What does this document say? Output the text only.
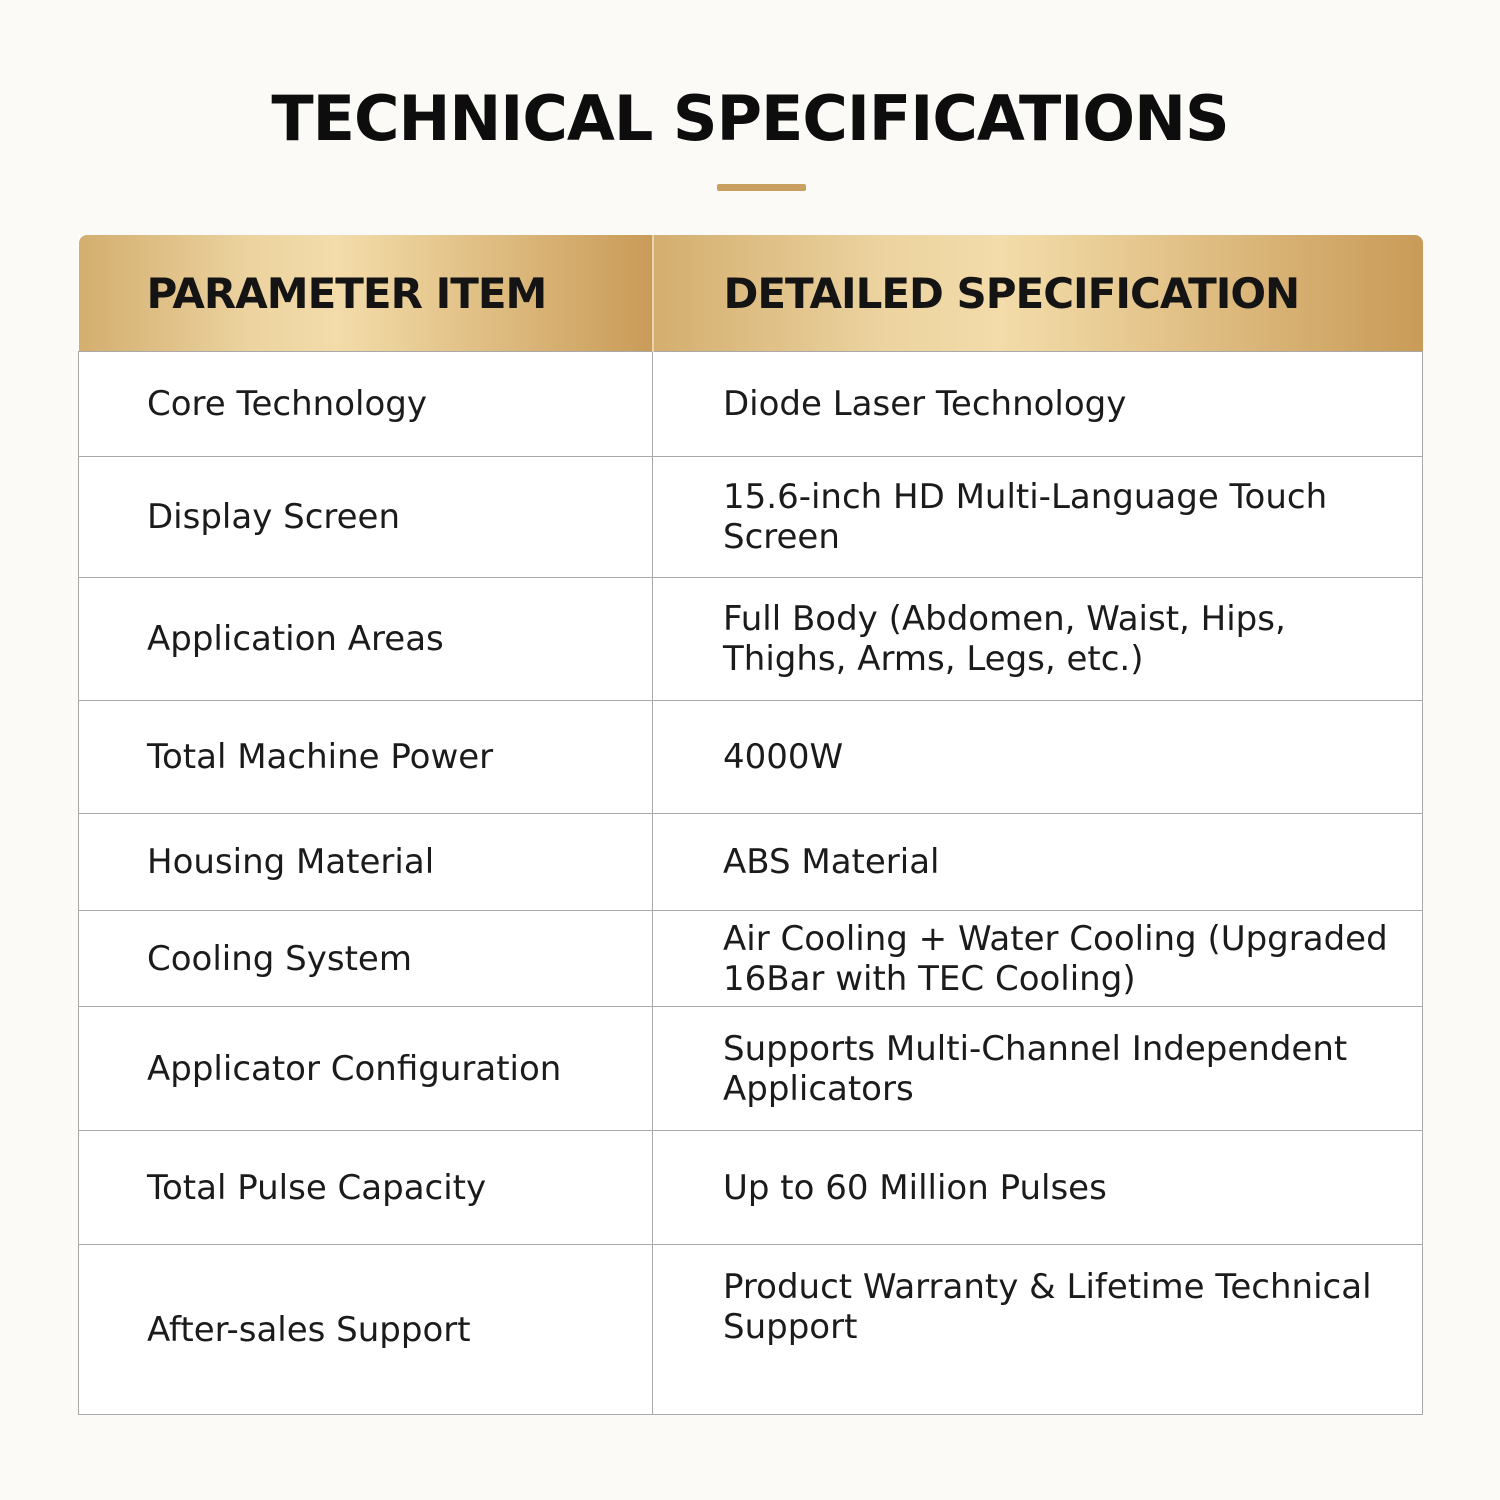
TECHNICAL SPECIFICATIONS
PARAMETER ITEM	DETAILED SPECIFICATION
Core Technology	Diode Laser Technology
Display Screen	15.6-inch HD Multi-Language Touch Screen
Application Areas	Full Body (Abdomen, Waist, Hips, Thighs, Arms, Legs, etc.)
Total Machine Power	4000W
Housing Material	ABS Material
Cooling System	Air Cooling + Water Cooling (Upgraded 16Bar with TEC Cooling)
Applicator Configuration	Supports Multi-Channel Independent Applicators
Total Pulse Capacity	Up to 60 Million Pulses
After-sales Support	Product Warranty & Lifetime Technical Support
